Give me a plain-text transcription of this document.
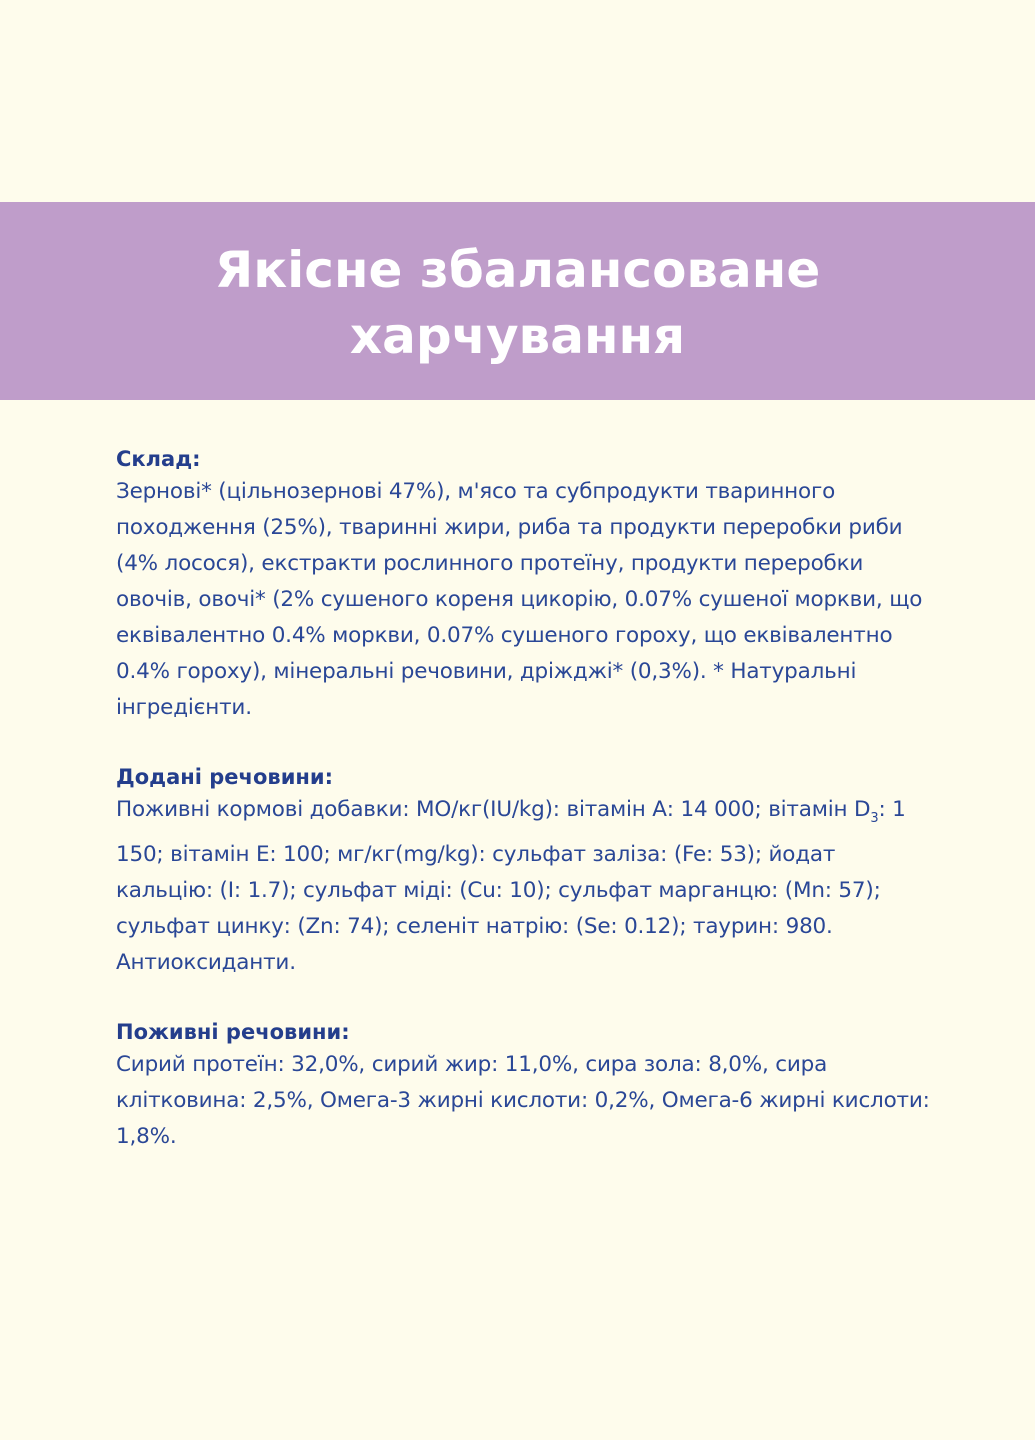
Якісне збалансоване харчування
Склад:
Зернові* (цільнозернові 47%), м'ясо та субпродукти тваринного походження (25%), тваринні жири, риба та продукти переробки риби (4% лосося), екстракти рослинного протеїну, продукти переробки овочів, овочі* (2% сушеного кореня цикорію, 0.07% сушеної моркви, що еквівалентно 0.4% моркви, 0.07% сушеного гороху, що еквівалентно 0.4% гороху), мінеральні речовини, дріжджі* (0,3%). * Натуральні інгредієнти.
Додані речовини:
Поживні кормові добавки: МО/кг(IU/kg): вітамін А: 14 000; вітамін $D_3$: 1 150; вітамін Е: 100; мг/кг(mg/kg): сульфат заліза: (Fe: 53); йодат кальцію: (I: 1.7); сульфат міді: (Cu: 10); сульфат марганцю: (Mn: 57); сульфат цинку: (Zn: 74); селеніт натрію: (Se: 0.12); таурин: 980. Антиоксиданти.
Поживні речовини:
Сирий протеїн: 32,0%, сирий жир: 11,0%, сира зола: 8,0%, сира клітковина: 2,5%, Омега-3 жирні кислоти: 0,2%, Омега-6 жирні кислоти: 1,8%.
